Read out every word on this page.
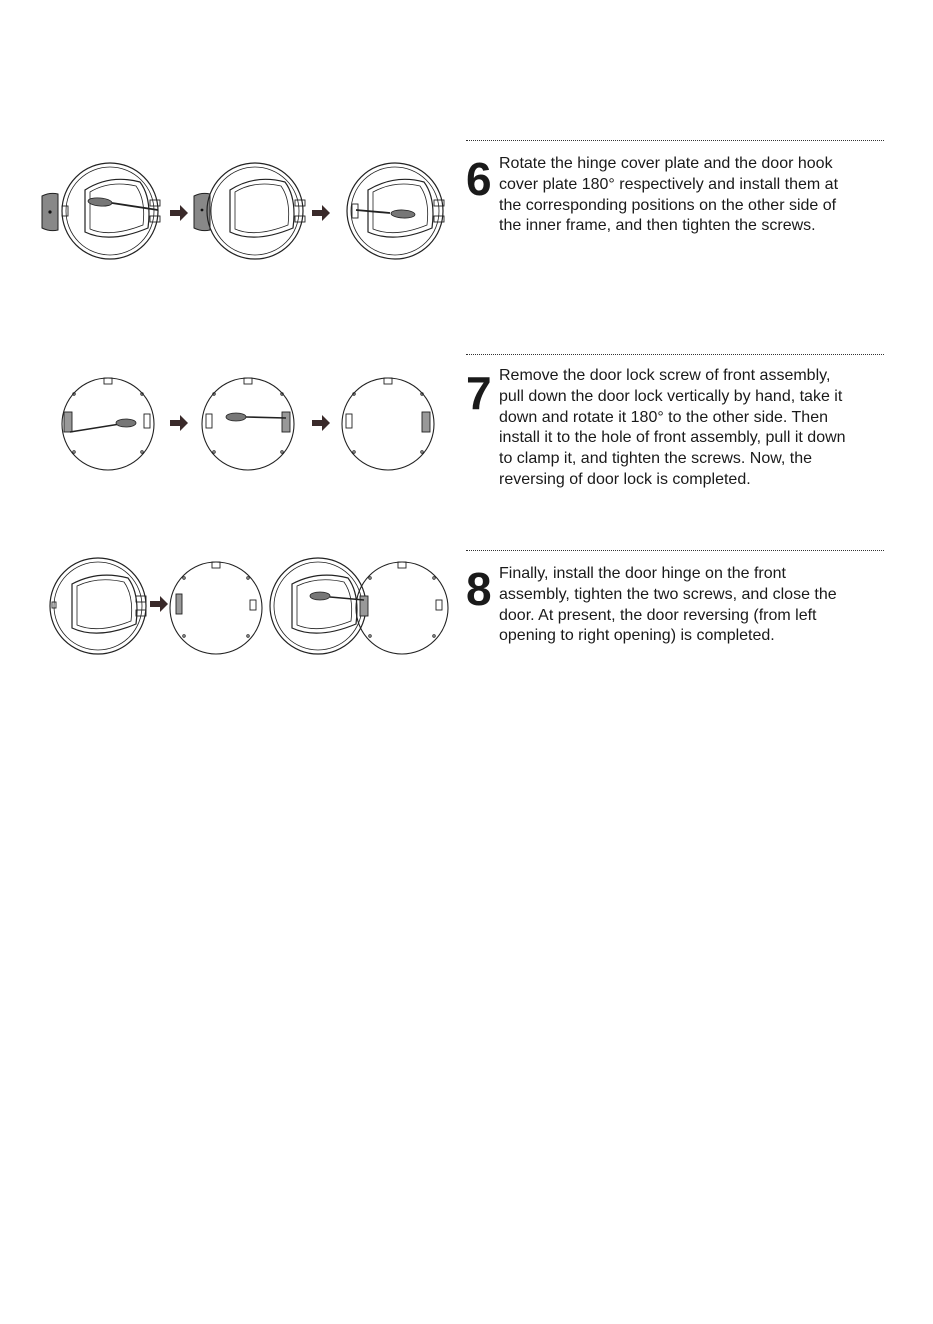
6 Rotate the hinge cover plate and the door hook
cover plate 180° respectively and install them at
the corresponding positions on the other side of
the inner frame, and then tighten the screws.
7 Remove the door lock screw of front assembly,
pull down the door lock vertically by hand, take it
down and rotate it 180° to the other side. Then
install it to the hole of front assembly, pull it down
to clamp it, and tighten the screws. Now, the
reversing of door lock is completed.
8 Finally, install the door hinge on the front
assembly, tighten the two screws, and close the
door. At present, the door reversing (from left
opening to right opening) is completed.
